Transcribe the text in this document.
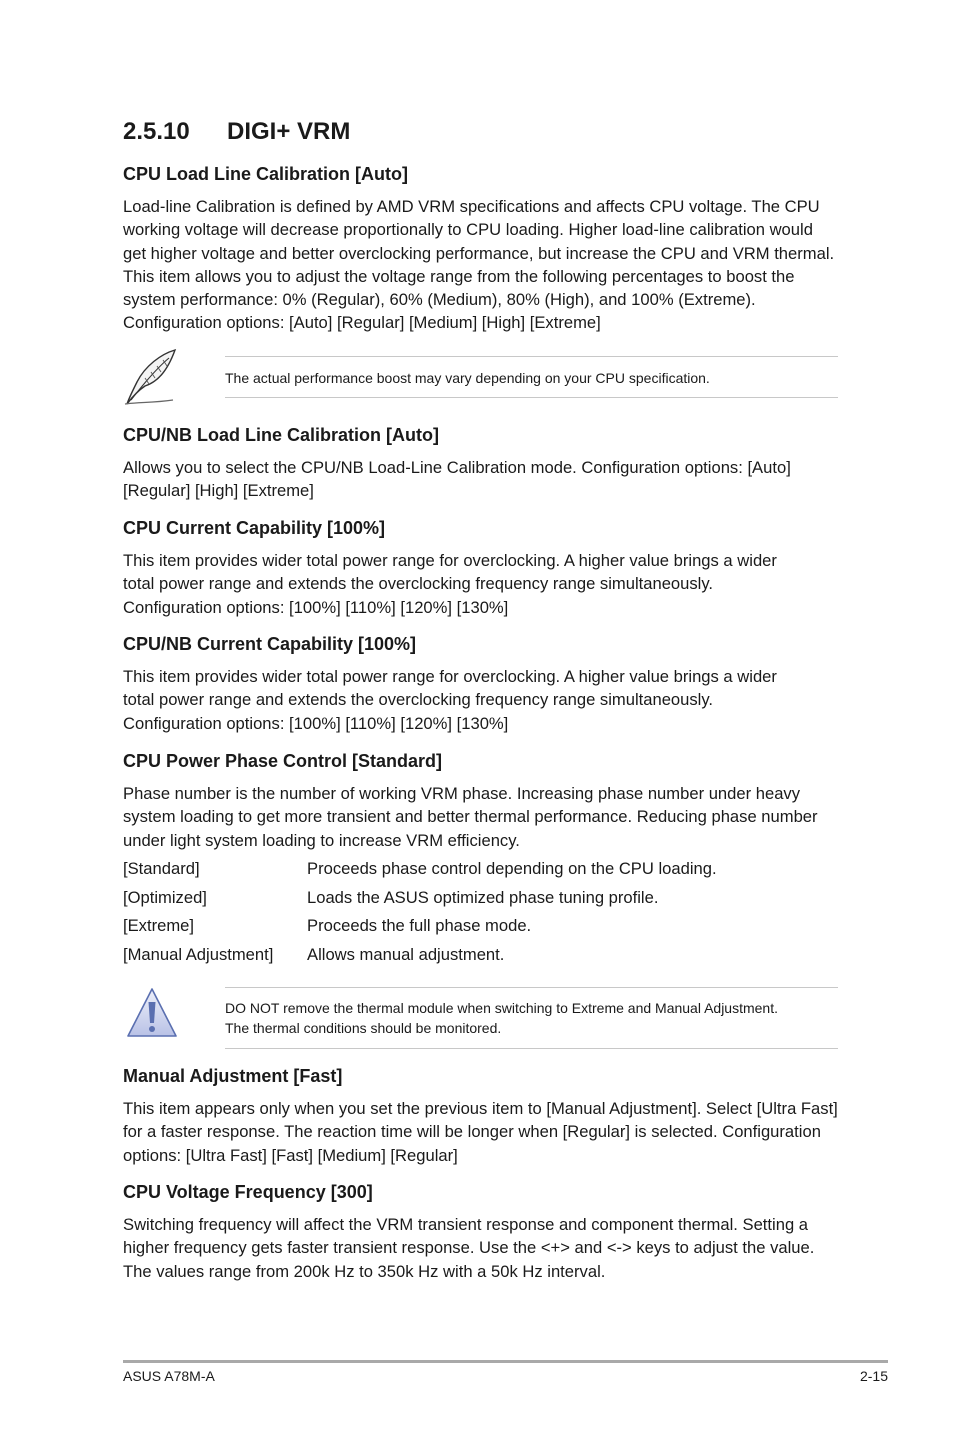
2.5.10 DIGI+ VRM
CPU Load Line Calibration [Auto]
Load-line Calibration is defined by AMD VRM specifications and affects CPU voltage. The CPU working voltage will decrease proportionally to CPU loading. Higher load-line calibration would get higher voltage and better overclocking performance, but increase the CPU and VRM thermal. This item allows you to adjust the voltage range from the following percentages to boost the system performance: 0% (Regular), 60% (Medium), 80% (High), and 100% (Extreme). Configuration options: [Auto] [Regular] [Medium] [High] [Extreme]
The actual performance boost may vary depending on your CPU specification.
CPU/NB Load Line Calibration [Auto]
Allows you to select the CPU/NB Load-Line Calibration mode. Configuration options: [Auto] [Regular] [High] [Extreme]
CPU Current Capability [100%]
This item provides wider total power range for overclocking. A higher value brings a wider total power range and extends the overclocking frequency range simultaneously. Configuration options: [100%] [110%] [120%] [130%]
CPU/NB Current Capability [100%]
This item provides wider total power range for overclocking. A higher value brings a wider total power range and extends the overclocking frequency range simultaneously. Configuration options: [100%] [110%] [120%] [130%]
CPU Power Phase Control [Standard]
Phase number is the number of working VRM phase. Increasing phase number under heavy system loading to get more transient and better thermal performance. Reducing phase number under light system loading to increase VRM efficiency.
[Standard]	Proceeds phase control depending on the CPU loading.
[Optimized]	Loads the ASUS optimized phase tuning profile.
[Extreme]	Proceeds the full phase mode.
[Manual Adjustment]	Allows manual adjustment.
DO NOT remove the thermal module when switching to Extreme and Manual Adjustment.
The thermal conditions should be monitored.
Manual Adjustment [Fast]
This item appears only when you set the previous item to [Manual Adjustment]. Select [Ultra Fast] for a faster response. The reaction time will be longer when [Regular] is selected. Configuration options: [Ultra Fast] [Fast] [Medium] [Regular]
CPU Voltage Frequency [300]
Switching frequency will affect the VRM transient response and component thermal. Setting a higher frequency gets faster transient response. Use the <+> and <-> keys to adjust the value. The values range from 200k Hz to 350k Hz with a 50k Hz interval.
ASUS A78M-A	2-15
